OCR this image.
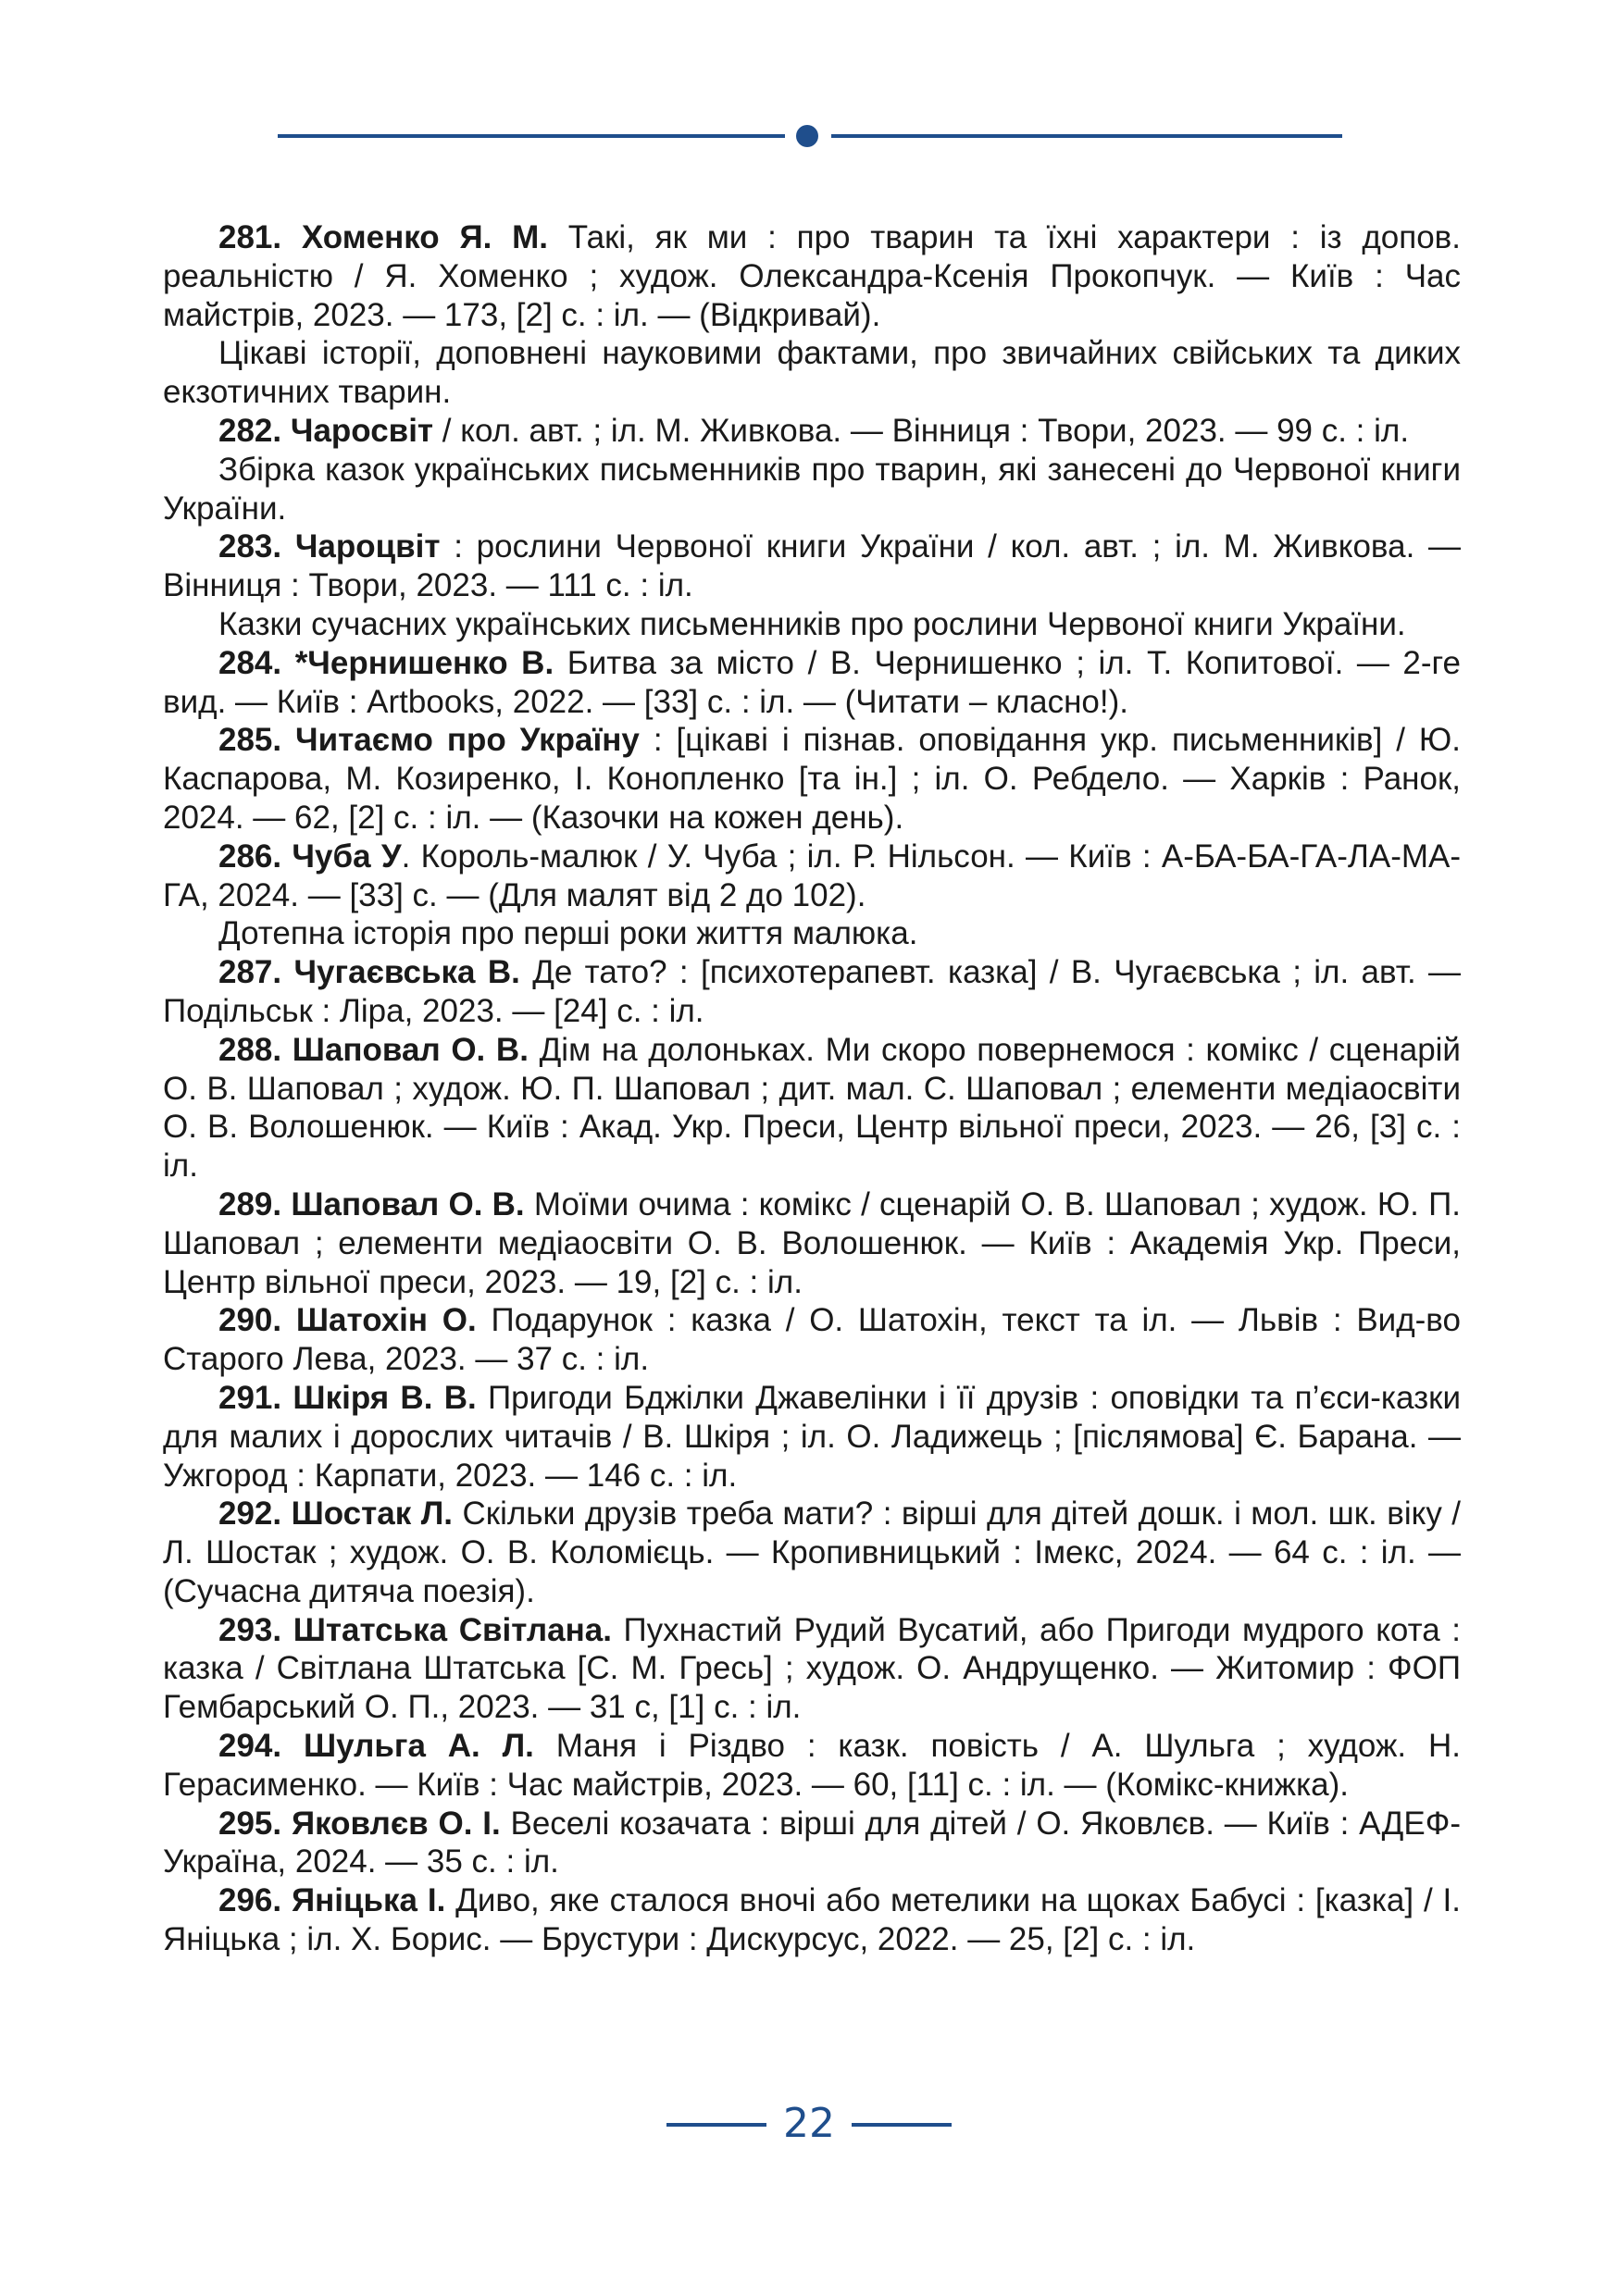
281. Хоменко Я. М. Такі, як ми : про тварин та їхні характери : із допов. реальністю / Я. Хоменко ; худож. Олександра-Ксенія Прокопчук. — Київ : Час майстрів, 2023. — 173, [2] с. : іл. — (Відкривай).

Цікаві історії, доповнені науковими фактами, про звичайних свійських та диких екзотичних тварин.

282. Чаросвіт / кол. авт. ; іл. М. Живкова. — Вінниця : Твори, 2023. — 99 с. : іл.

Збірка казок українських письменників про тварин, які занесені до Червоної книги України.

283. Чароцвіт : рослини Червоної книги України / кол. авт. ; іл. М. Живкова. — Вінниця : Твори, 2023. — 111 с. : іл.

Казки сучасних українських письменників про рослини Червоної книги України.

284. *Чернишенко В. Битва за місто / В. Чернишенко ; іл. Т. Копитової. — 2-ге вид. — Київ : Artbooks, 2022. — [33] с. : іл. — (Читати – класно!).

285. Читаємо про Україну : [цікаві і пізнав. оповідання укр. письменників] / Ю. Каспарова, М. Козиренко, І. Конопленко [та ін.] ; іл. О. Ребдело. — Харків : Ранок, 2024. — 62, [2] с. : іл. — (Казочки на кожен день).

286. Чуба У. Король-малюк / У. Чуба ; іл. Р. Нільсон. — Київ : А-БА-БА-ГА-ЛА-МА-ГА, 2024. — [33] с. — (Для малят від 2 до 102).

Дотепна історія про перші роки життя малюка.

287. Чугаєвська В. Де тато? : [психотерапевт. казка] / В. Чугаєвська ; іл. авт. — Подільськ : Ліра, 2023. — [24] с. : іл.

288. Шаповал О. В. Дім на долоньках. Ми скоро повернемося : комікс / сценарій О. В. Шаповал ; худож. Ю. П. Шаповал ; дит. мал. С. Шаповал ; елементи медіаосвіти О. В. Волошенюк. — Київ : Акад. Укр. Преси, Центр вільної преси, 2023. — 26, [3] с. : іл.

289. Шаповал О. В. Моїми очима : комікс / сценарій О. В. Шаповал ; худож. Ю. П. Шаповал ; елементи медіаосвіти О. В. Волошенюк. — Київ : Академія Укр. Преси, Центр вільної преси, 2023. — 19, [2] с. : іл.

290. Шатохін О. Подарунок : казка / О. Шатохін, текст та іл. — Львів : Вид-во Старого Лева, 2023. — 37 с. : іл.

291. Шкіря В. В. Пригоди Бджілки Джавелінки і її друзів : оповідки та п’єси-казки для малих і дорослих читачів / В. Шкіря ; іл. О. Ладижець ; [післямова] Є. Барана. — Ужгород : Карпати, 2023. — 146 с. : іл.

292. Шостак Л. Скільки друзів треба мати? : вірші для дітей дошк. і мол. шк. віку / Л. Шостак ; худож. О. В. Коломієць. — Кропивницький : Імекс, 2024. — 64 с. : іл. — (Сучасна дитяча поезія).

293. Штатська Світлана. Пухнастий Рудий Вусатий, або Пригоди мудрого кота : казка / Світлана Штатська [С. М. Гресь] ; худож. О. Андрущенко. — Житомир : ФОП Гембарський О. П., 2023. — 31 с, [1] с. : іл.

294. Шульга А. Л. Маня і Різдво : казк. повість / А. Шульга ; худож. Н. Герасименко. — Київ : Час майстрів, 2023. — 60, [11] с. : іл. — (Комікс-книжка).

295. Яковлєв О. І. Веселі козачата : вірші для дітей / О. Яковлєв. — Київ : АДЕФ-Україна, 2024. — 35 с. : іл.

296. Яніцька І. Диво, яке сталося вночі або метелики на щоках Бабусі : [казка] / І. Яніцька ; іл. Х. Борис. — Брустури : Дискурсус, 2022. — 25, [2] с. : іл.

22
